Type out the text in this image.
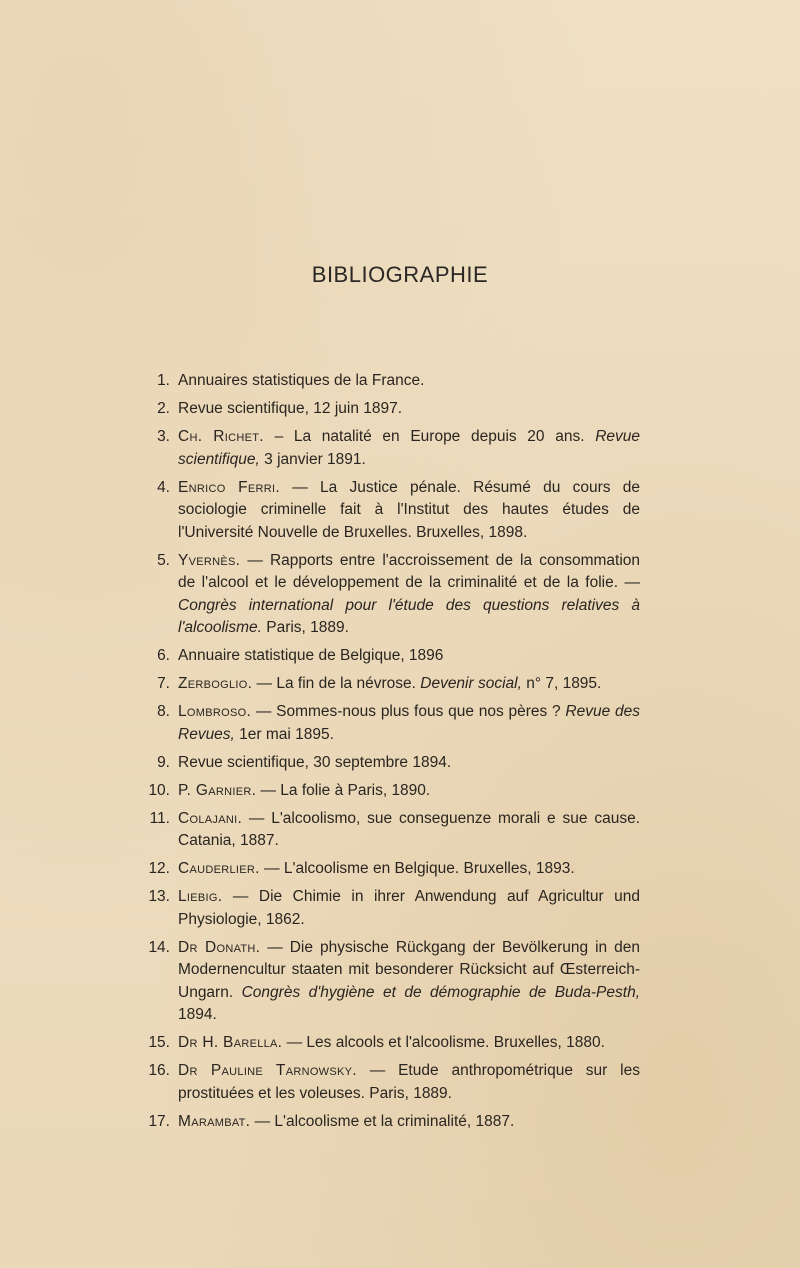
BIBLIOGRAPHIE
1. Annuaires statistiques de la France.
2. Revue scientifique, 12 juin 1897.
3. Ch. Richet. – La natalité en Europe depuis 20 ans. Revue scientifique, 3 janvier 1891.
4. Enrico Ferri. — La Justice pénale. Résumé du cours de sociologie criminelle fait à l'Institut des hautes études de l'Université Nouvelle de Bruxelles. Bruxelles, 1898.
5. Yvernès. — Rapports entre l'accroissement de la consommation de l'alcool et le développement de la criminalité et de la folie. — Congrès international pour l'étude des questions relatives à l'alcoolisme. Paris, 1889.
6. Annuaire statistique de Belgique, 1896
7. Zerboglio. — La fin de la névrose. Devenir social, n° 7, 1895.
8. Lombroso. — Sommes-nous plus fous que nos pères ? Revue des Revues, 1er mai 1895.
9. Revue scientifique, 30 septembre 1894.
10. P. Garnier. — La folie à Paris, 1890.
11. Colajani. — L'alcoolismo, sue conseguenze morali e sue cause. Catania, 1887.
12. Cauderlier. — L'alcoolisme en Belgique. Bruxelles, 1893.
13. Liebig. — Die Chimie in ihrer Anwendung auf Agricultur und Physiologie, 1862.
14. Dr Donath. — Die physische Rückgang der Bevölkerung in den Modernencultur staaten mit besonderer Rücksicht auf Œsterreich-Ungarn. Congrès d'hygiène et de démographie de Buda-Pesth, 1894.
15. Dr H. Barella. — Les alcools et l'alcoolisme. Bruxelles, 1880.
16. Dr Pauline Tarnowsky. — Etude anthropométrique sur les prostituées et les voleuses. Paris, 1889.
17. Marambat. — L'alcoolisme et la criminalité, 1887.
